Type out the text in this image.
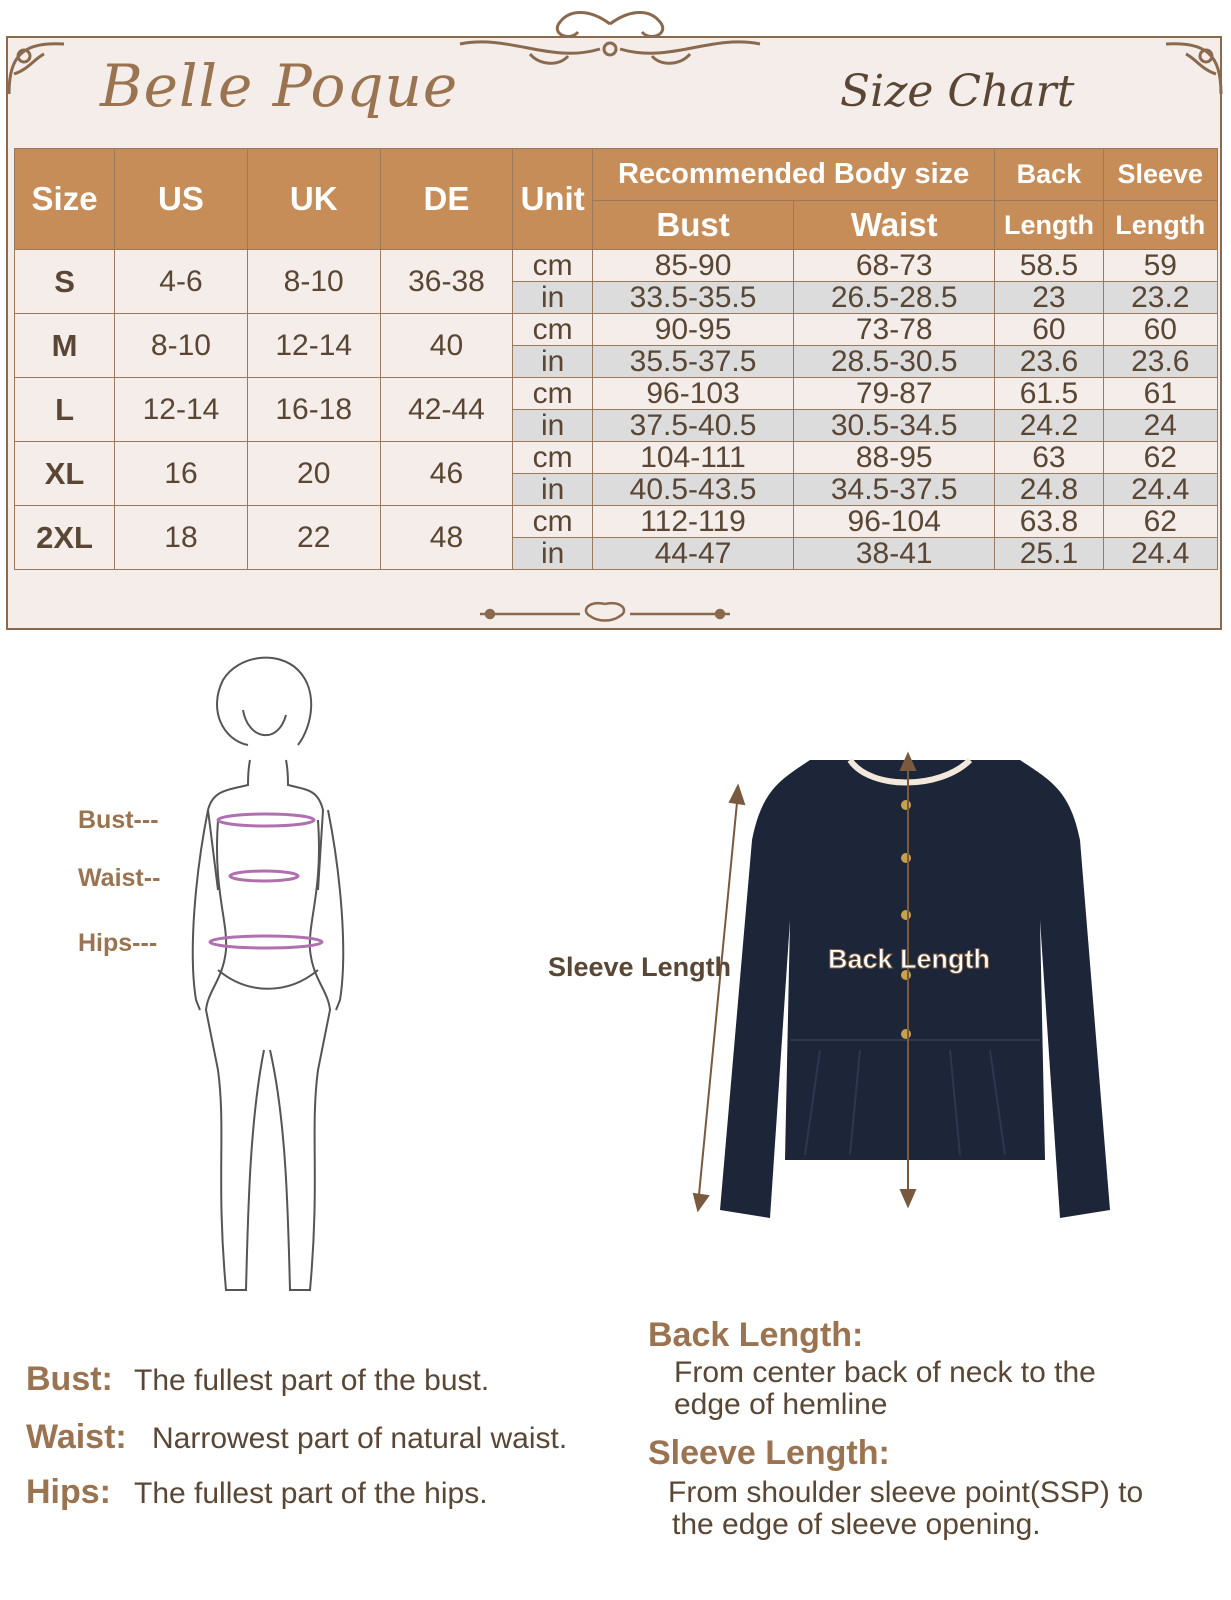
Belle Poque	Size Chart
Size	US	UK	DE	Unit	Recommended Body size		Back	Sleeve
					Bust	Waist	Length	Length
S	4-6	8-10	36-38	cm	85-90	68-73	58.5	59
				in	33.5-35.5	26.5-28.5	23	23.2
M	8-10	12-14	40	cm	90-95	73-78	60	60
				in	35.5-37.5	28.5-30.5	23.6	23.6
L	12-14	16-18	42-44	cm	96-103	79-87	61.5	61
				in	37.5-40.5	30.5-34.5	24.2	24
XL	16	20	46	cm	104-111	88-95	63	62
				in	40.5-43.5	34.5-37.5	24.8	24.4
2XL	18	22	48	cm	112-119	96-104	63.8	62
				in	44-47	38-41	25.1	24.4
Bust---
Waist--
Hips---
Sleeve Length	Back Length
Bust: The fullest part of the bust.
Waist: Narrowest part of natural waist.
Hips: The fullest part of the hips.
Back Length:
From center back of neck to the
edge of hemline
Sleeve Length:
From shoulder sleeve point(SSP) to
the edge of sleeve opening.
